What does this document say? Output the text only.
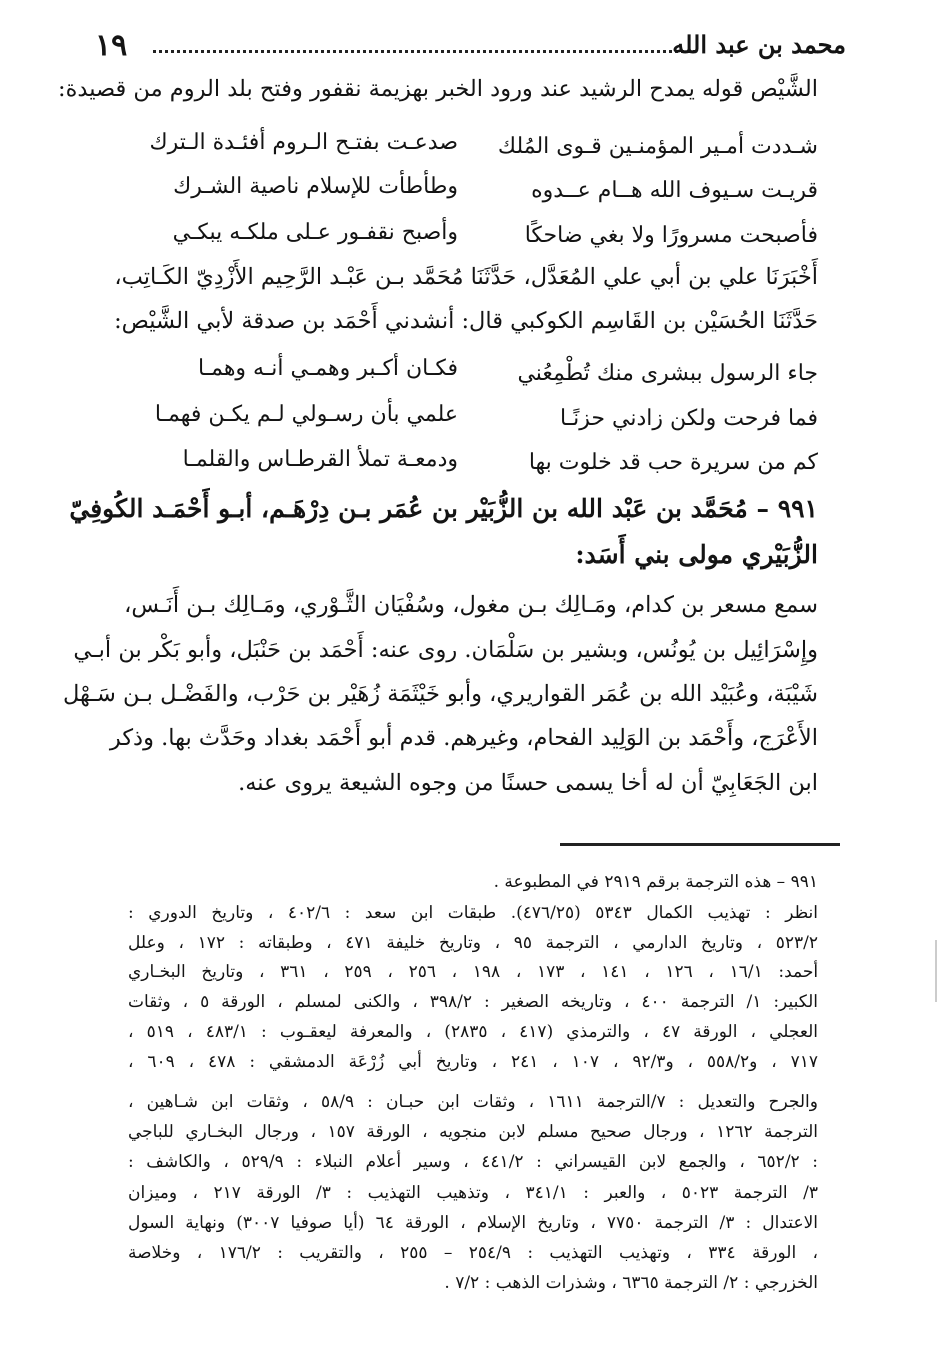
١٩	محمد بن عبد الله
الشَّيْص قوله يمدح الرشيد عند ورود الخبر بهزيمة نقفور وفتح بلد الروم من قصيدة:
شـددت أمـير المؤمنـين قـوى المُلك
صدعـت بفتـح الـروم أفئـدة الـترك
قريـت سـيوف الله هــام عــدوه
وطأطأت للإسلام ناصية الشـرك
فأصبحت مسرورًا ولا بغي ضاحكًا
وأصبح نقفـور عـلى ملكـه يبكـي
أَخْبَرَنَا علي بن أبي علي المُعَدَّل، حَدَّثَنَا مُحَمَّد بـن عَبْـد الرَّحِيم الأَزْدِيّ الكَـاتِب،
حَدَّثَنَا الحُسَيْن بن القَاسِم الكوكبي قال: أنشدني أَحْمَد بن صدقة لأبي الشَّيْص:
جاء الرسول ببشرى منك تُطْمِعُني
فكـان أكـبر وهمـي أنـه وهمـا
فما فرحت ولكن زادني حزنًـا
علمي بأن رسـولي لـم يكـن فهمـا
كم من سريرة حب قد خلوت بها
ودمعـة تملأ القرطـاس والقلمـا
٩٩١ – مُحَمَّد بن عَبْد الله بن الزُّبَيْر بن عُمَر بـن دِرْهَـم، أبـو أَحْمَـد الكُوفِيّ
الزُّبَيْري مولى بني أَسَد:
سمع مسعر بن كدام، ومَـالِك بـن مغول، وسُفْيَان الثَّـوْري، ومَـالِك بـن أَنَـس،
وإِسْرَائِيل بن يُونُس، وبشير بن سَلْمَان. روى عنه: أَحْمَد بن حَنْبَل، وأبو بَكْر بن أبـي
شَيْبَة، وعُبَيْد الله بن عُمَر القواريري، وأبو خَيْثَمَة زُهَيْر بن حَرْب، والفَضْـل بـن سَـهْل
الأَعْرَج، وأَحْمَد بن الوَلِيد الفحام، وغيرهم. قدم أبو أَحْمَد بغداد وحَدَّث بها. وذكر
ابن الجَعَابِيّ أن له أخا يسمى حسنًا من وجوه الشيعة يروى عنه.
٩٩١ – هذه الترجمة برقم ٢٩١٩ في المطبوعة .
انظر : تهذيب الكمال ٥٣٤٣ (٤٧٦/٢٥). طبقات ابن سعد : ٤٠٢/٦ ، وتاريخ الدوري :
٥٢٣/٢ ، وتاريخ الدارمي ، الترجمة ٩٥ ، وتاريخ خليفة ٤٧١ ، وطبقاته : ١٧٢ ، وعلل
أحمد: ١٦/١ ، ١٢٦ ، ١٤١ ، ١٧٣ ، ١٩٨ ، ٢٥٦ ، ٢٥٩ ، ٣٦١ ، وتاريخ البخـاري
الكبير: ١/ الترجمة ٤٠٠ ، وتاريخه الصغير : ٣٩٨/٢ ، والكنى لمسلم ، الورقة ٥ ، وثقات
العجلي ، الورقة ٤٧ ، والترمذي (٤١٧ ، ٢٨٣٥) ، والمعرفة ليعقـوب : ٤٨٣/١ ، ٥١٩ ،
٧١٧ ، و٥٥٨/٢ ، و٩٢/٣ ، ١٠٧ ، ٢٤١ ، وتاريخ أبي زُرْعَة الدمشقي : ٤٧٨ ، ٦٠٩ ،
والجرح والتعديل : ٧/الترجمة ١٦١١ ، وثقات ابن حبـان : ٥٨/٩ ، وثقات ابن شـاهين ،
الترجمة ١٢٦٢ ، ورجال صحيح مسلم لابن منجويه ، الورقة ١٥٧ ، ورجال البخـاري للباجي
: ٦٥٢/٢ ، والجمع لابن القيسراني : ٤٤١/٢ ، وسير أعلام النبلاء : ٥٢٩/٩ ، والكاشف :
٣/ الترجمة ٥٠٢٣ ، والعبر : ٣٤١/١ ، وتذهيب التهذيب : ٣/ الورقة ٢١٧ ، وميزان
الاعتدال : ٣/ الترجمة ٧٧٥٠ ، وتاريخ الإسلام ، الورقة ٦٤ (أيا صوفيا ٣٠٠٧) ونهاية السول
، الورقة ٣٣٤ ، وتهذيب التهذيب : ٢٥٤/٩ – ٢٥٥ ، والتقريب : ١٧٦/٢ ، وخلاصة
الخزرجي : ٢/ الترجمة ٦٣٦٥ ، وشذرات الذهب : ٧/٢ .
